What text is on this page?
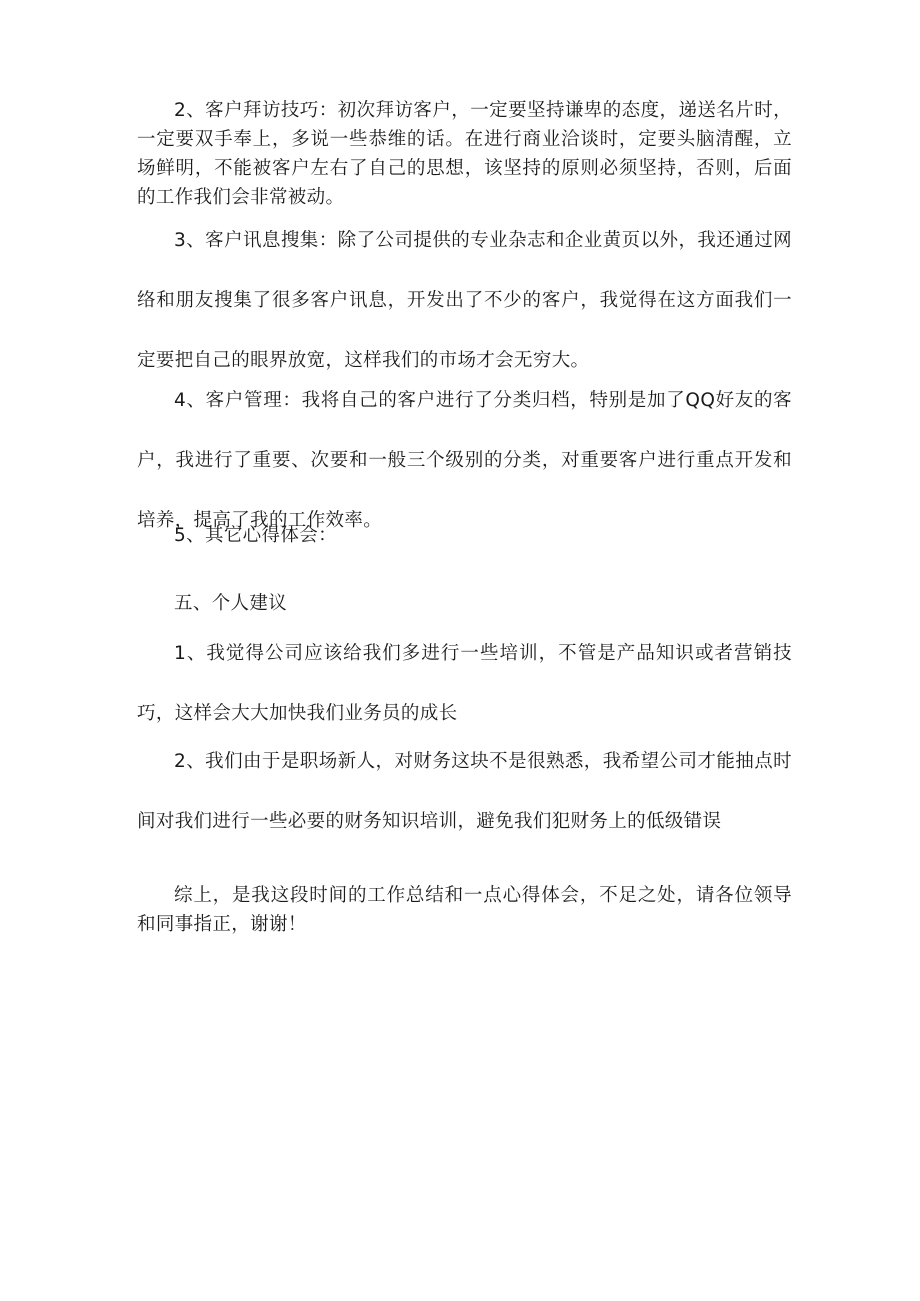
2、客户拜访技巧：初次拜访客户，一定要坚持谦卑的态度，递送名片时，一定要双手奉上，多说一些恭维的话。在进行商业洽谈时，定要头脑清醒，立场鲜明，不能被客户左右了自己的思想，该坚持的原则必须坚持，否则，后面的工作我们会非常被动。

3、客户讯息搜集：除了公司提供的专业杂志和企业黄页以外，我还通过网络和朋友搜集了很多客户讯息，开发出了不少的客户，我觉得在这方面我们一定要把自己的眼界放宽，这样我们的市场才会无穷大。

4、客户管理：我将自己的客户进行了分类归档，特别是加了QQ好友的客户，我进行了重要、次要和一般三个级别的分类，对重要客户进行重点开发和培养，提高了我的工作效率。

5、其它心得体会：

五、个人建议

1、我觉得公司应该给我们多进行一些培训，不管是产品知识或者营销技巧，这样会大大加快我们业务员的成长

2、我们由于是职场新人，对财务这块不是很熟悉，我希望公司才能抽点时间对我们进行一些必要的财务知识培训，避免我们犯财务上的低级错误

综上，是我这段时间的工作总结和一点心得体会，不足之处，请各位领导和同事指正，谢谢！
